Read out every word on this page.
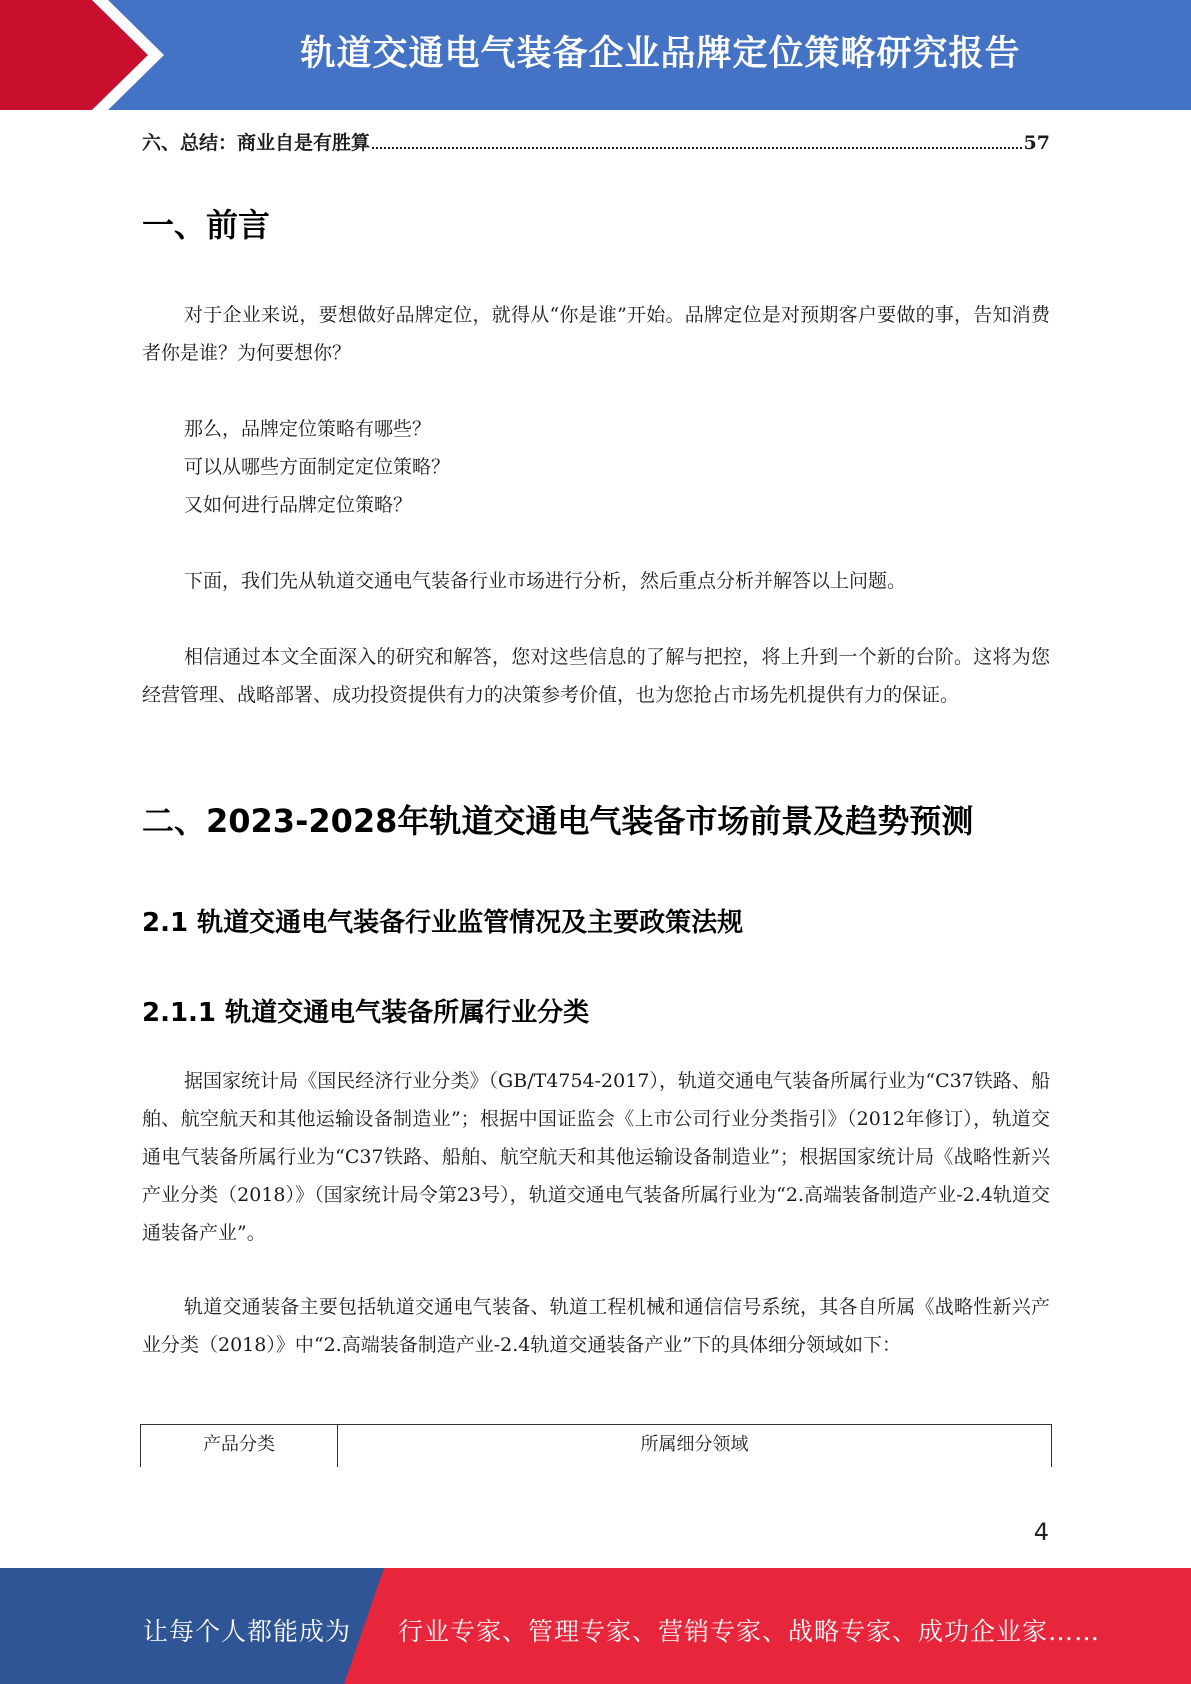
轨道交通电气装备企业品牌定位策略研究报告
六、总结：商业自是有胜算	57
一、前言
对于企业来说，要想做好品牌定位，就得从“你是谁”开始。品牌定位是对预期客户要做的事，告知消费者你是谁？为何要想你？
那么，品牌定位策略有哪些？
可以从哪些方面制定定位策略？
又如何进行品牌定位策略？
下面，我们先从轨道交通电气装备行业市场进行分析，然后重点分析并解答以上问题。
相信通过本文全面深入的研究和解答，您对这些信息的了解与把控，将上升到一个新的台阶。这将为您经营管理、战略部署、成功投资提供有力的决策参考价值，也为您抢占市场先机提供有力的保证。
二、2023-2028年轨道交通电气装备市场前景及趋势预测
2.1 轨道交通电气装备行业监管情况及主要政策法规
2.1.1 轨道交通电气装备所属行业分类
据国家统计局《国民经济行业分类》（GB/T4754-2017），轨道交通电气装备所属行业为“C37铁路、船舶、航空航天和其他运输设备制造业”；根据中国证监会《上市公司行业分类指引》（2012年修订），轨道交通电气装备所属行业为“C37铁路、船舶、航空航天和其他运输设备制造业”；根据国家统计局《战略性新兴产业分类（2018）》（国家统计局令第23号），轨道交通电气装备所属行业为“2.高端装备制造产业-2.4轨道交通装备产业”。
轨道交通装备主要包括轨道交通电气装备、轨道工程机械和通信信号系统，其各自所属《战略性新兴产业分类（2018）》中“2.高端装备制造产业-2.4轨道交通装备产业”下的具体细分领域如下：
产品分类	所属细分领域
4
让每个人都能成为 行业专家、管理专家、营销专家、战略专家、成功企业家……
